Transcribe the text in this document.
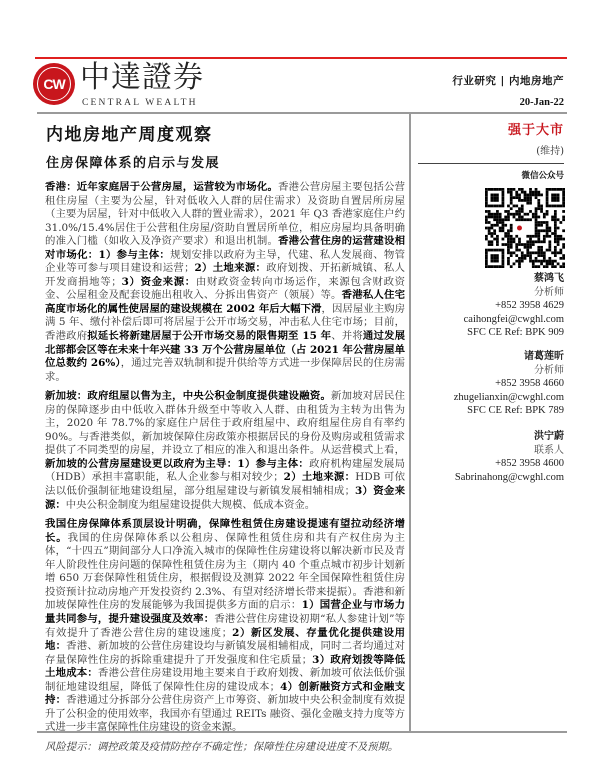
CW 中達證券
CENTRAL WEALTH
行业研究 | 内地房地产
20-Jan-22
内地房地产周度观察
住房保障体系的启示与发展

香港：近年家庭居于公营房屋，运营较为市场化。香港公营房屋主要包括公营租住房屋（主要为公屋，针对低收入人群的居住需求）及资助自置居所房屋（主要为居屋，针对中低收入人群的置业需求），2021 年 Q3 香港家庭住户约 31.0%/15.4%居住于公营租住房屋/资助自置居所单位，相应房屋均具备明确的准入门槛（如收入及净资产要求）和退出机制。香港公营住房的运营建设相对市场化：1）参与主体：规划安排以政府为主导，代建、私人发展商、物管企业等可参与项目建设和运营；2）土地来源：政府划拨、开拓新城镇、私人开发商捐地等；3）资金来源：由财政资金转向市场运作，来源包含财政资金、公屋租金及配套设施出租收入、分拆出售资产（领展）等。香港私人住宅高度市场化的属性使居屋的建设规模在 2002 年后大幅下滑，因居屋业主购房满 5 年、缴付补偿后即可将居屋于公开市场交易，冲击私人住宅市场；目前，香港政府拟延长将新建居屋于公开市场交易的限售期至 15 年、并将通过发展北部都会区等在未来十年兴建 33 万个公营房屋单位（占 2021 年公营房屋单位总数约 26%），通过完善双轨制和提升供给等方式进一步保障居民的住房需求。

新加坡：政府组屋以售为主，中央公积金制度提供建设融资。新加坡对居民住房的保障逐步由中低收入群体升级至中等收入人群、由租赁为主转为出售为主，2020 年 78.7%的家庭住户居住于政府组屋中、政府组屋住房自有率约 90%。与香港类似，新加坡保障住房政策亦根据居民的身份及购房或租赁需求提供了不同类型的房屋，并设立了相应的准入和退出条件。从运营模式上看，新加坡的公营房屋建设更以政府为主导：1）参与主体：政府机构建屋发展局（HDB）承担丰富职能，私人企业参与相对较少；2）土地来源：HDB 可依法以低价强制征地建设组屋，部分组屋建设与新镇发展相辅相成；3）资金来源：中央公积金制度为组屋建设提供大规模、低成本资金。

我国住房保障体系顶层设计明确，保障性租赁住房建设提速有望拉动经济增长。我国的住房保障体系以公租房、保障性租赁住房和共有产权住房为主体，“十四五”期间部分人口净流入城市的保障性住房建设将以解决新市民及青年人阶段性住房问题的保障性租赁住房为主（期内 40 个重点城市初步计划新增 650 万套保障性租赁住房，根据假设及测算 2022 年全国保障性租赁住房投资预计拉动房地产开发投资约 2.3%、有望对经济增长带来提振）。香港和新加坡保障性住房的发展能够为我国提供多方面的启示：1）国营企业与市场力量共同参与，提升建设强度及效率：香港公营住房建设初期“私人参建计划”等有效提升了香港公营住房的建设速度；2）新区发展、存量优化提供建设用地：香港、新加坡的公营住房建设均与新镇发展相辅相成，同时二者均通过对存量保障性住房的拆除重建提升了开发强度和住宅质量；3）政府划拨等降低土地成本：香港公营住房建设用地主要来自于政府划拨、新加坡可依法低价强制征地建设组屋，降低了保障性住房的建设成本；4）创新融资方式和金融支持：香港通过分拆部分公营住房资产上市筹资、新加坡中央公积金制度有效提升了公积金的使用效率，我国亦有望通过 REITs 融资、强化金融支持力度等方式进一步丰富保障性住房建设的资金来源。

风险提示：调控政策及疫情防控存不确定性；保障性住房建设进度不及预期。

强于大市
(维持)
微信公众号
蔡鸿飞
分析师
+852 3958 4629
caihongfei@cwghl.com
SFC CE Ref: BPK 909
诸葛莲昕
分析师
+852 3958 4660
zhugelianxin@cwghl.com
SFC CE Ref: BPK 789
洪宁蔚
联系人
+852 3958 4600
Sabrinahong@cwghl.com
